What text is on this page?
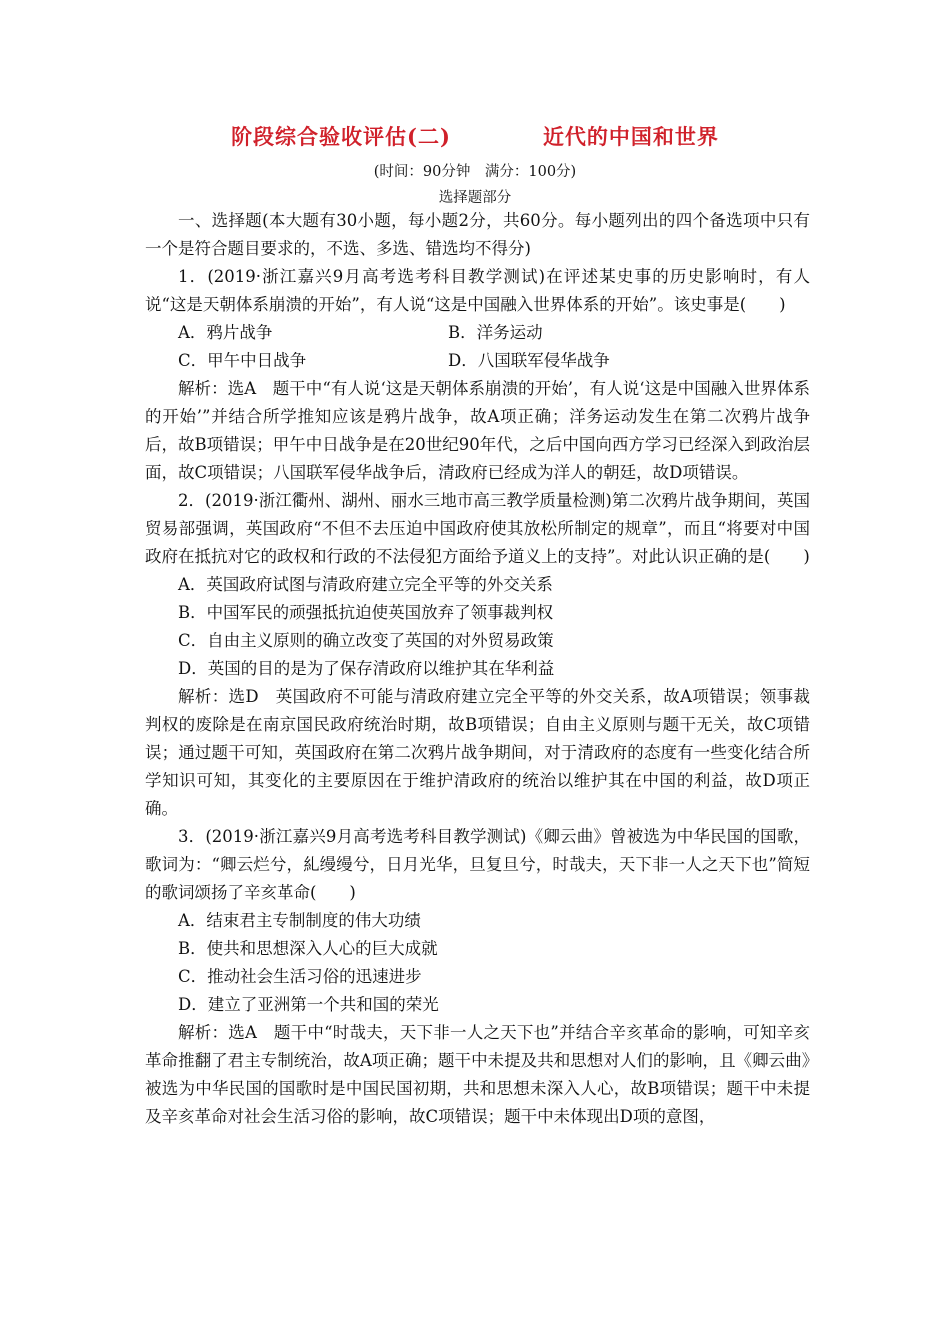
阶段综合验收评估(二)	近代的中国和世界
(时间：90分钟　满分：100分)
选择题部分

一、选择题(本大题有30小题，每小题2分，共60分。每小题列出的四个备选项中只有一个是符合题目要求的，不选、多选、错选均不得分)

1．(2019·浙江嘉兴9月高考选考科目教学测试)在评述某史事的历史影响时，有人说“这是天朝体系崩溃的开始”，有人说“这是中国融入世界体系的开始”。该史事是(　　)

A．鸦片战争	B．洋务运动
C．甲午中日战争	D．八国联军侵华战争

解析：选A　题干中“有人说‘这是天朝体系崩溃的开始’，有人说‘这是中国融入世界体系的开始’”并结合所学推知应该是鸦片战争，故A项正确；洋务运动发生在第二次鸦片战争后，故B项错误；甲午中日战争是在20世纪90年代，之后中国向西方学习已经深入到政治层面，故C项错误；八国联军侵华战争后，清政府已经成为洋人的朝廷，故D项错误。

2．(2019·浙江衢州、湖州、丽水三地市高三教学质量检测)第二次鸦片战争期间，英国贸易部强调，英国政府“不但不去压迫中国政府使其放松所制定的规章”，而且“将要对中国政府在抵抗对它的政权和行政的不法侵犯方面给予道义上的支持”。对此认识正确的是(　　)

A．英国政府试图与清政府建立完全平等的外交关系

B．中国军民的顽强抵抗迫使英国放弃了领事裁判权

C．自由主义原则的确立改变了英国的对外贸易政策

D．英国的目的是为了保存清政府以维护其在华利益

解析：选D　英国政府不可能与清政府建立完全平等的外交关系，故A项错误；领事裁判权的废除是在南京国民政府统治时期，故B项错误；自由主义原则与题干无关，故C项错误；通过题干可知，英国政府在第二次鸦片战争期间，对于清政府的态度有一些变化结合所学知识可知，其变化的主要原因在于维护清政府的统治以维护其在中国的利益，故D项正确。

3．(2019·浙江嘉兴9月高考选考科目教学测试)《卿云曲》曾被选为中华民国的国歌，歌词为：“卿云烂兮，糺缦缦兮，日月光华，旦复旦兮，时哉夫，天下非一人之天下也”简短的歌词颂扬了辛亥革命(　　)

A．结束君主专制制度的伟大功绩

B．使共和思想深入人心的巨大成就

C．推动社会生活习俗的迅速进步

D．建立了亚洲第一个共和国的荣光

解析：选A　题干中“时哉夫，天下非一人之天下也”并结合辛亥革命的影响，可知辛亥革命推翻了君主专制统治，故A项正确；题干中未提及共和思想对人们的影响，且《卿云曲》被选为中华民国的国歌时是中国民国初期，共和思想未深入人心，故B项错误；题干中未提及辛亥革命对社会生活习俗的影响，故C项错误；题干中未体现出D项的意图，
